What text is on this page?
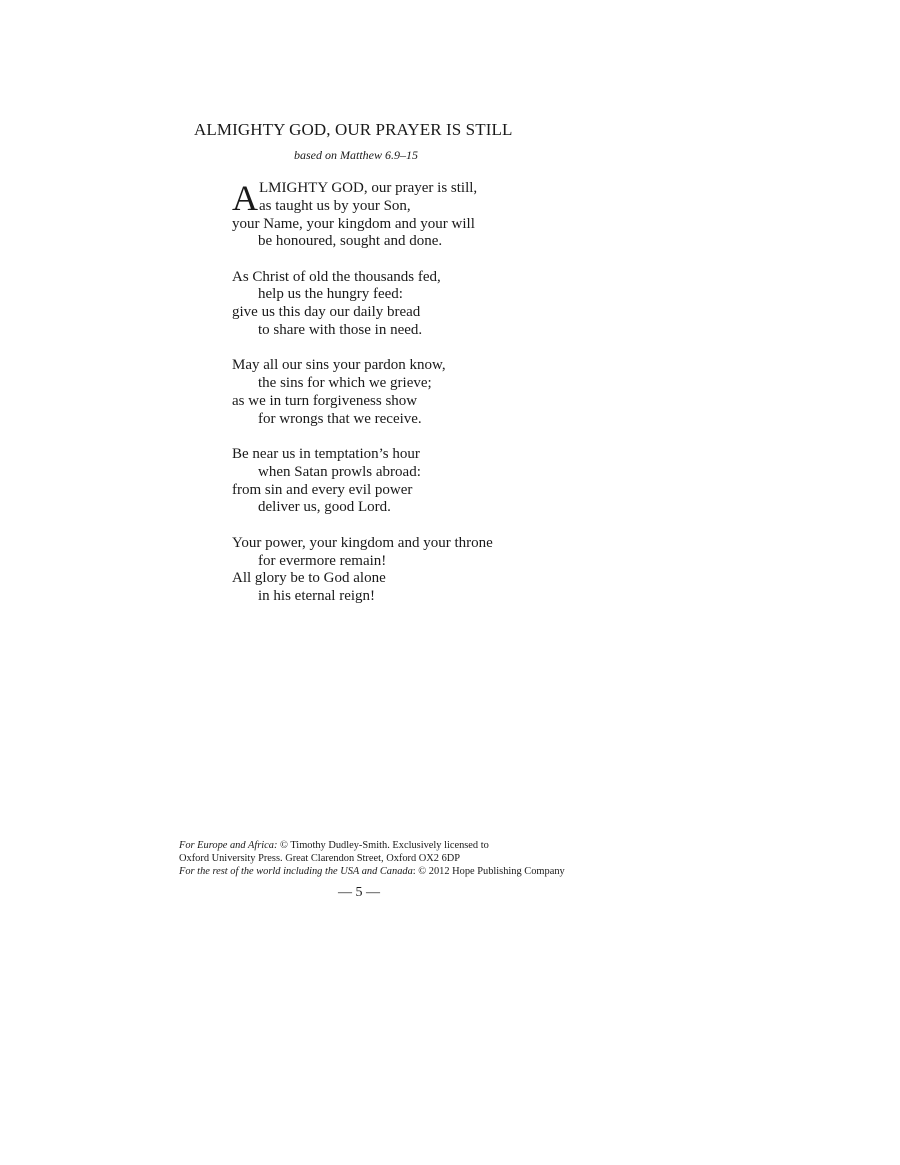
ALMIGHTY GOD, OUR PRAYER IS STILL
based on Matthew 6.9–15
A LMIGHTY GOD, our prayer is still,
as taught us by your Son,
your Name, your kingdom and your will
be honoured, sought and done.
As Christ of old the thousands fed,
help us the hungry feed:
give us this day our daily bread
to share with those in need.
May all our sins your pardon know,
the sins for which we grieve;
as we in turn forgiveness show
for wrongs that we receive.
Be near us in temptation’s hour
when Satan prowls abroad:
from sin and every evil power
deliver us, good Lord.
Your power, your kingdom and your throne
for evermore remain!
All glory be to God alone
in his eternal reign!
For Europe and Africa: © Timothy Dudley-Smith. Exclusively licensed to
Oxford University Press. Great Clarendon Street, Oxford OX2 6DP
For the rest of the world including the USA and Canada: © 2012 Hope Publishing Company
— 5 —
